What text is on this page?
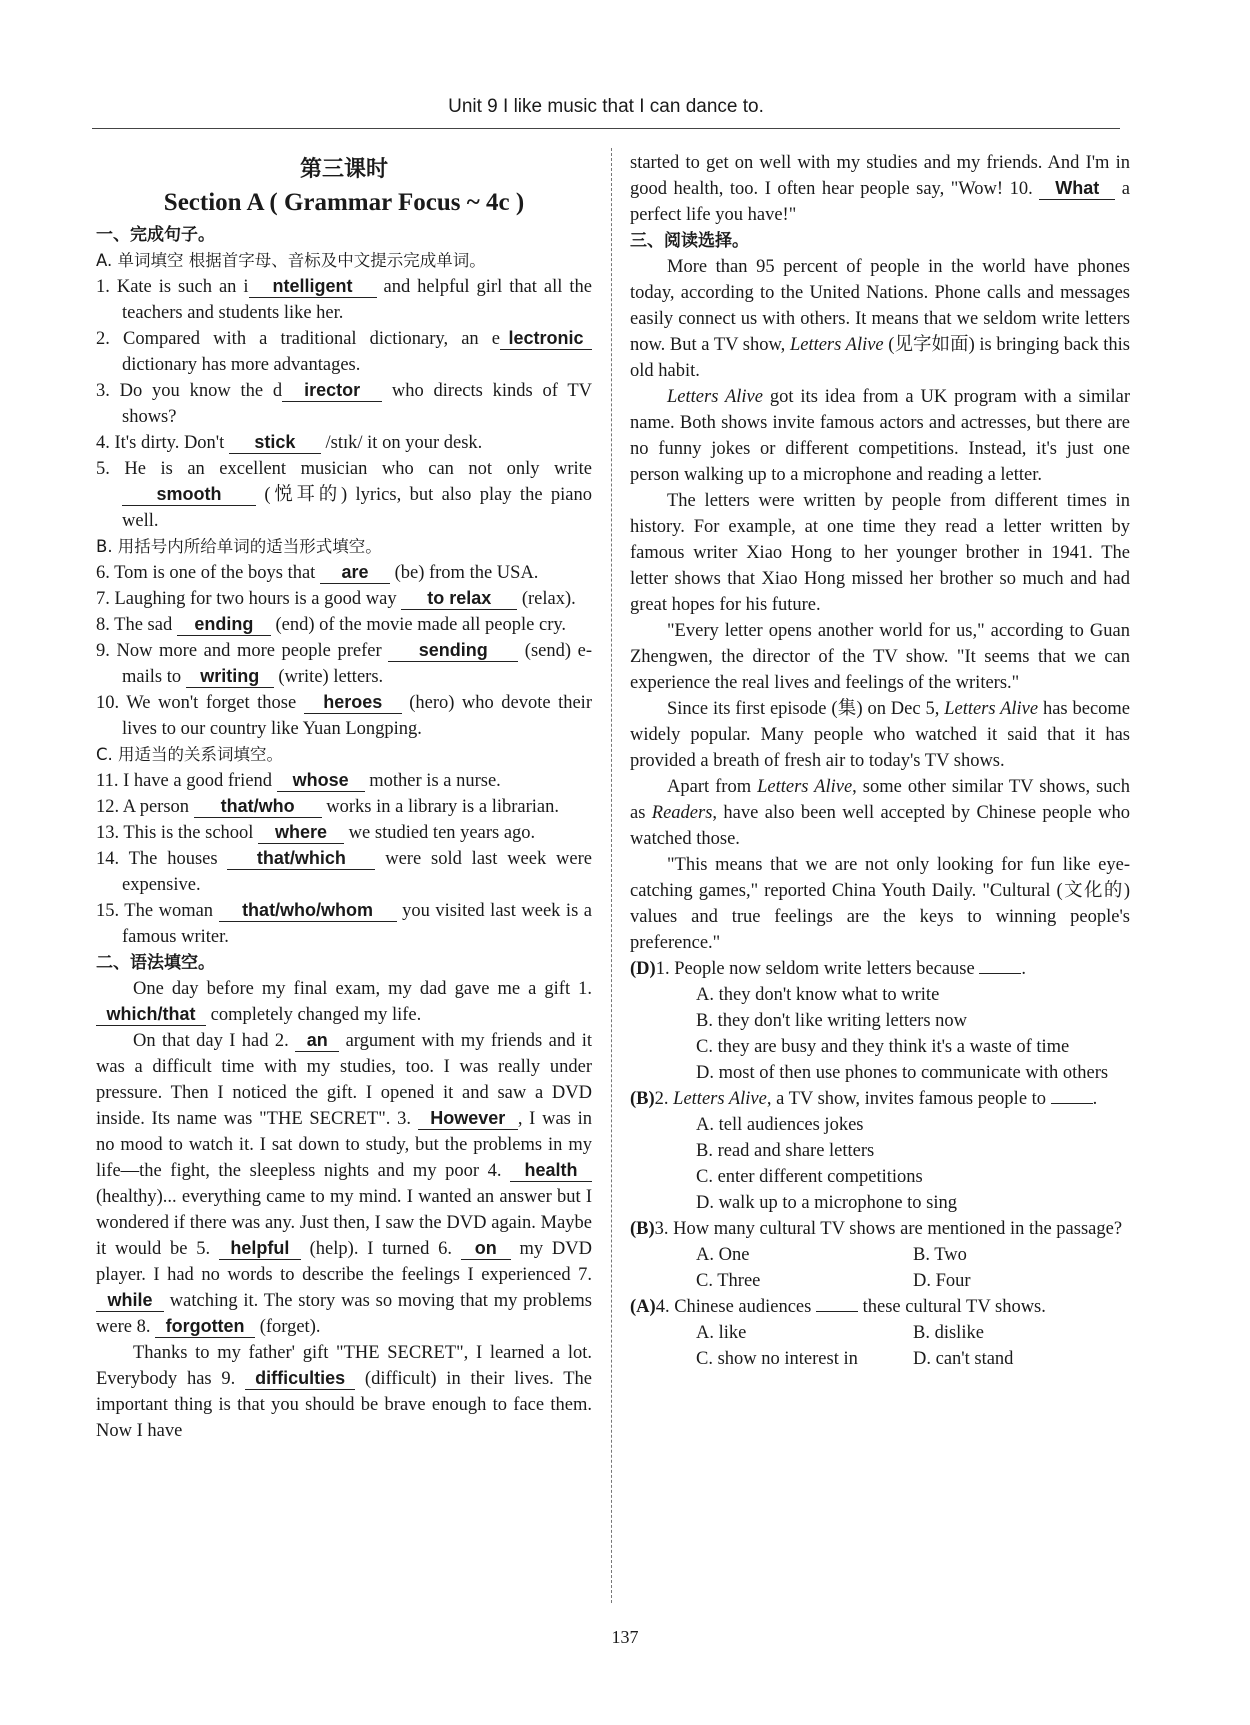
Unit 9 I like music that I can dance to.
第三课时
Section A ( Grammar Focus ~ 4c )
一、完成句子。
A. 单词填空 根据首字母、音标及中文提示完成单词。
1. Kate is such an i ntelligent and helpful girl that all the teachers and students like her.
2. Compared with a traditional dictionary, an e lectronic dictionary has more advantages.
3. Do you know the d irector who directs kinds of TV shows?
4. It's dirty. Don't stick /stɪk/ it on your desk.
5. He is an excellent musician who can not only write smooth (悦耳的) lyrics, but also play the piano well.
B. 用括号内所给单词的适当形式填空。
6. Tom is one of the boys that are (be) from the USA.
7. Laughing for two hours is a good way to relax (relax).
8. The sad ending (end) of the movie made all people cry.
9. Now more and more people prefer sending (send) e-mails to writing (write) letters.
10. We won't forget those heroes (hero) who devote their lives to our country like Yuan Longping.
C. 用适当的关系词填空。
11. I have a good friend whose mother is a nurse.
12. A person that/who works in a library is a librarian.
13. This is the school where we studied ten years ago.
14. The houses that/which were sold last week were expensive.
15. The woman that/who/whom you visited last week is a famous writer.
二、语法填空。
One day before my final exam, my dad gave me a gift 1. which/that completely changed my life.
On that day I had 2. an argument with my friends and it was a difficult time with my studies, too. I was really under pressure. Then I noticed the gift. I opened it and saw a DVD inside. Its name was "THE SECRET". 3. However , I was in no mood to watch it. I sat down to study, but the problems in my life—the fight, the sleepless nights and my poor 4. health (healthy)... everything came to my mind. I wanted an answer but I wondered if there was any. Just then, I saw the DVD again. Maybe it would be 5. helpful (help). I turned 6. on my DVD player. I had no words to describe the feelings I experienced 7. while watching it. The story was so moving that my problems were 8. forgotten (forget).
Thanks to my father' gift "THE SECRET", I learned a lot. Everybody has 9. difficulties (difficult) in their lives. The important thing is that you should be brave enough to face them. Now I have
started to get on well with my studies and my friends. And I'm in good health, too. I often hear people say, "Wow! 10. What a perfect life you have!"
三、阅读选择。
More than 95 percent of people in the world have phones today, according to the United Nations. Phone calls and messages easily connect us with others. It means that we seldom write letters now. But a TV show, Letters Alive (见字如面) is bringing back this old habit.
Letters Alive got its idea from a UK program with a similar name. Both shows invite famous actors and actresses, but there are no funny jokes or different competitions. Instead, it's just one person walking up to a microphone and reading a letter.
The letters were written by people from different times in history. For example, at one time they read a letter written by famous writer Xiao Hong to her younger brother in 1941. The letter shows that Xiao Hong missed her brother so much and had great hopes for his future.
"Every letter opens another world for us," according to Guan Zhengwen, the director of the TV show. "It seems that we can experience the real lives and feelings of the writers."
Since its first episode (集) on Dec 5, Letters Alive has become widely popular. Many people who watched it said that it has provided a breath of fresh air to today's TV shows.
Apart from Letters Alive, some other similar TV shows, such as Readers, have also been well accepted by Chinese people who watched those.
"This means that we are not only looking for fun like eye-catching games," reported China Youth Daily. "Cultural (文化的) values and true feelings are the keys to winning people's preference."
(D)1. People now seldom write letters because	.
A. they don't know what to write
B. they don't like writing letters now
C. they are busy and they think it's a waste of time
D. most of then use phones to communicate with others
(B)2. Letters Alive, a TV show, invites famous people to	.
A. tell audiences jokes
B. read and share letters
C. enter different competitions
D. walk up to a microphone to sing
(B)3. How many cultural TV shows are mentioned in the passage?
A. One	B. Two
C. Three	D. Four
(A)4. Chinese audiences	these cultural TV shows.
A. like	B. dislike
C. show no interest in	D. can't stand
137
